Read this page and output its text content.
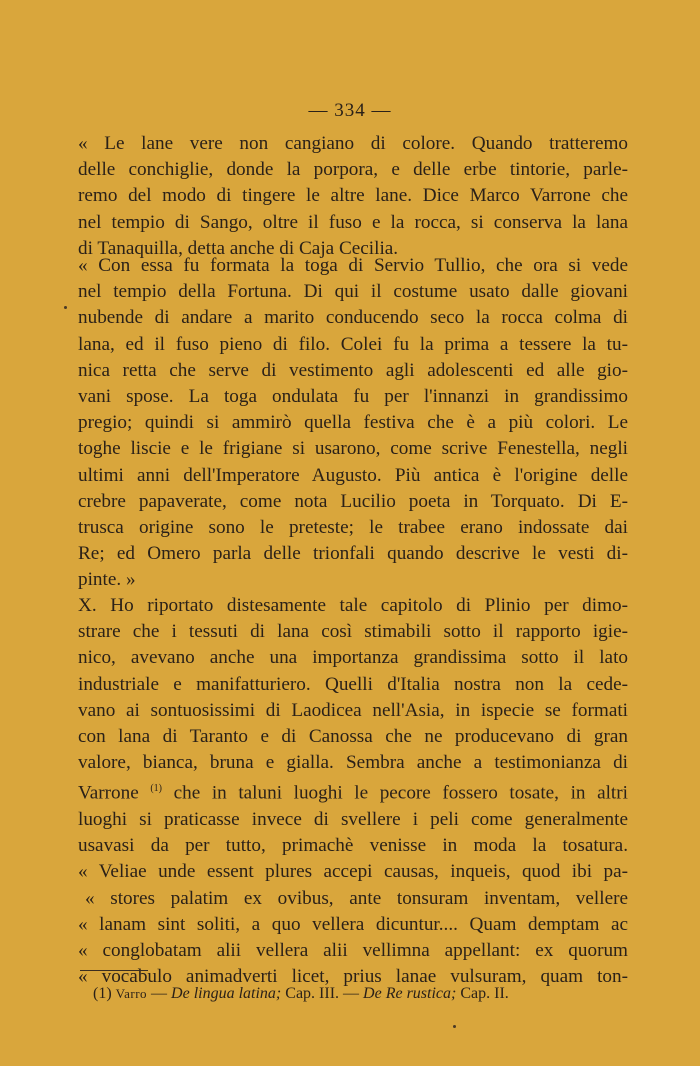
— 334 —
« Le lane vere non cangiano di colore. Quando tratteremo
delle conchiglie, donde la porpora, e delle erbe tintorie, parle-
remo del modo di tingere le altre lane. Dice Marco Varrone che
nel tempio di Sango, oltre il fuso e la rocca, si conserva la lana
di Tanaquilla, detta anche di Caja Cecilia.
« Con essa fu formata la toga di Servio Tullio, che ora si vede
nel tempio della Fortuna. Di qui il costume usato dalle giovani
nubende di andare a marito conducendo seco la rocca colma di
lana, ed il fuso pieno di filo. Colei fu la prima a tessere la tu-
nica retta che serve di vestimento agli adolescenti ed alle gio-
vani spose. La toga ondulata fu per l'innanzi in grandissimo
pregio; quindi si ammirò quella festiva che è a più colori. Le
toghe liscie e le frigiane si usarono, come scrive Fenestella, negli
ultimi anni dell'Imperatore Augusto. Più antica è l'origine delle
crebre papaverate, come nota Lucilio poeta in Torquato. Di E-
trusca origine sono le preteste; le trabee erano indossate dai
Re; ed Omero parla delle trionfali quando descrive le vesti di-
pinte. »
X. Ho riportato distesamente tale capitolo di Plinio per dimo-
strare che i tessuti di lana così stimabili sotto il rapporto igie-
nico, avevano anche una importanza grandissima sotto il lato
industriale e manifatturiero. Quelli d'Italia nostra non la cede-
vano ai sontuosissimi di Laodicea nell'Asia, in ispecie se formati
con lana di Taranto e di Canossa che ne producevano di gran
valore, bianca, bruna e gialla. Sembra anche a testimonianza di
Varrone $^{(1)}$ che in taluni luoghi le pecore fossero tosate, in altri
luoghi si praticasse invece di svellere i peli come generalmente
usavasi da per tutto, primachè venisse in moda la tosatura.
« Veliae unde essent plures accepi causas, inqueis, quod ibi pa-
« stores palatim ex ovibus, ante tonsuram inventam, vellere
« lanam sint soliti, a quo vellera dicuntur.... Quam demptam ac
« conglobatam alii vellera alii vellimna appellant: ex quorum
« vocabulo animadverti licet, prius lanae vulsuram, quam ton-
(1) Varro — De lingua latina; Cap. III. — De Re rustica; Cap. II.
